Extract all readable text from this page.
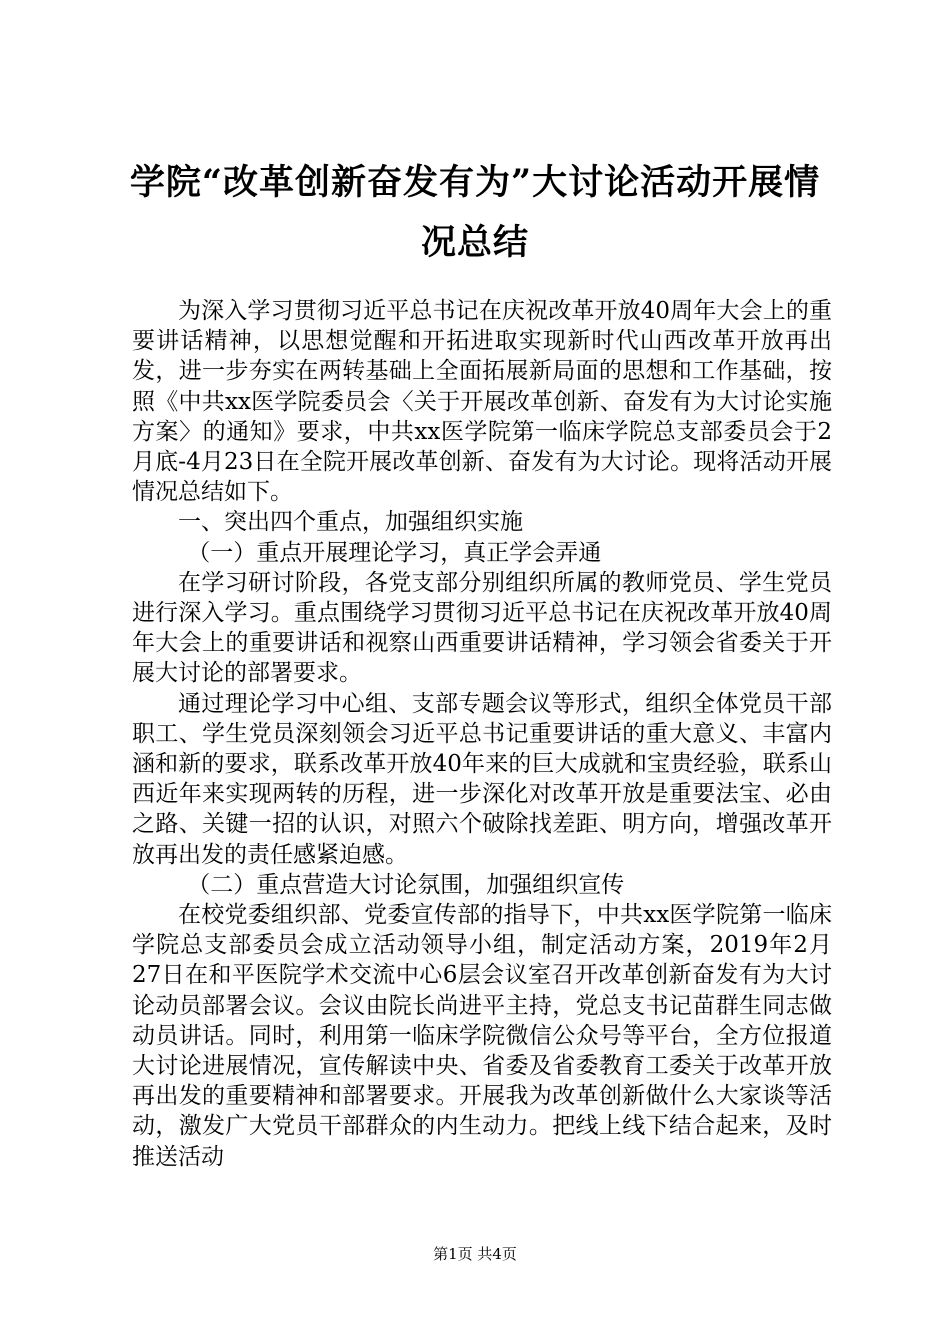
学院“改革创新奋发有为”大讨论活动开展情
况总结

为深入学习贯彻习近平总书记在庆祝改革开放40周年大会上的重要讲话精神，以思想觉醒和开拓进取实现新时代山西改革开放再出发，进一步夯实在两转基础上全面拓展新局面的思想和工作基础，按照《中共xx医学院委员会〈关于开展改革创新、奋发有为大讨论实施方案〉的通知》要求，中共xx医学院第一临床学院总支部委员会于2月底-4月23日在全院开展改革创新、奋发有为大讨论。现将活动开展情况总结如下。

一、突出四个重点，加强组织实施

（一）重点开展理论学习，真正学会弄通

在学习研讨阶段，各党支部分别组织所属的教师党员、学生党员进行深入学习。重点围绕学习贯彻习近平总书记在庆祝改革开放40周年大会上的重要讲话和视察山西重要讲话精神，学习领会省委关于开展大讨论的部署要求。

通过理论学习中心组、支部专题会议等形式，组织全体党员干部职工、学生党员深刻领会习近平总书记重要讲话的重大意义、丰富内涵和新的要求，联系改革开放40年来的巨大成就和宝贵经验，联系山西近年来实现两转的历程，进一步深化对改革开放是重要法宝、必由之路、关键一招的认识，对照六个破除找差距、明方向，增强改革开放再出发的责任感紧迫感。

（二）重点营造大讨论氛围，加强组织宣传

在校党委组织部、党委宣传部的指导下，中共xx医学院第一临床学院总支部委员会成立活动领导小组，制定活动方案，2019年2月27日在和平医院学术交流中心6层会议室召开改革创新奋发有为大讨论动员部署会议。会议由院长尚进平主持，党总支书记苗群生同志做动员讲话。同时，利用第一临床学院微信公众号等平台，全方位报道大讨论进展情况，宣传解读中央、省委及省委教育工委关于改革开放再出发的重要精神和部署要求。开展我为改革创新做什么大家谈等活动，激发广大党员干部群众的内生动力。把线上线下结合起来，及时推送活动

第1页 共4页
